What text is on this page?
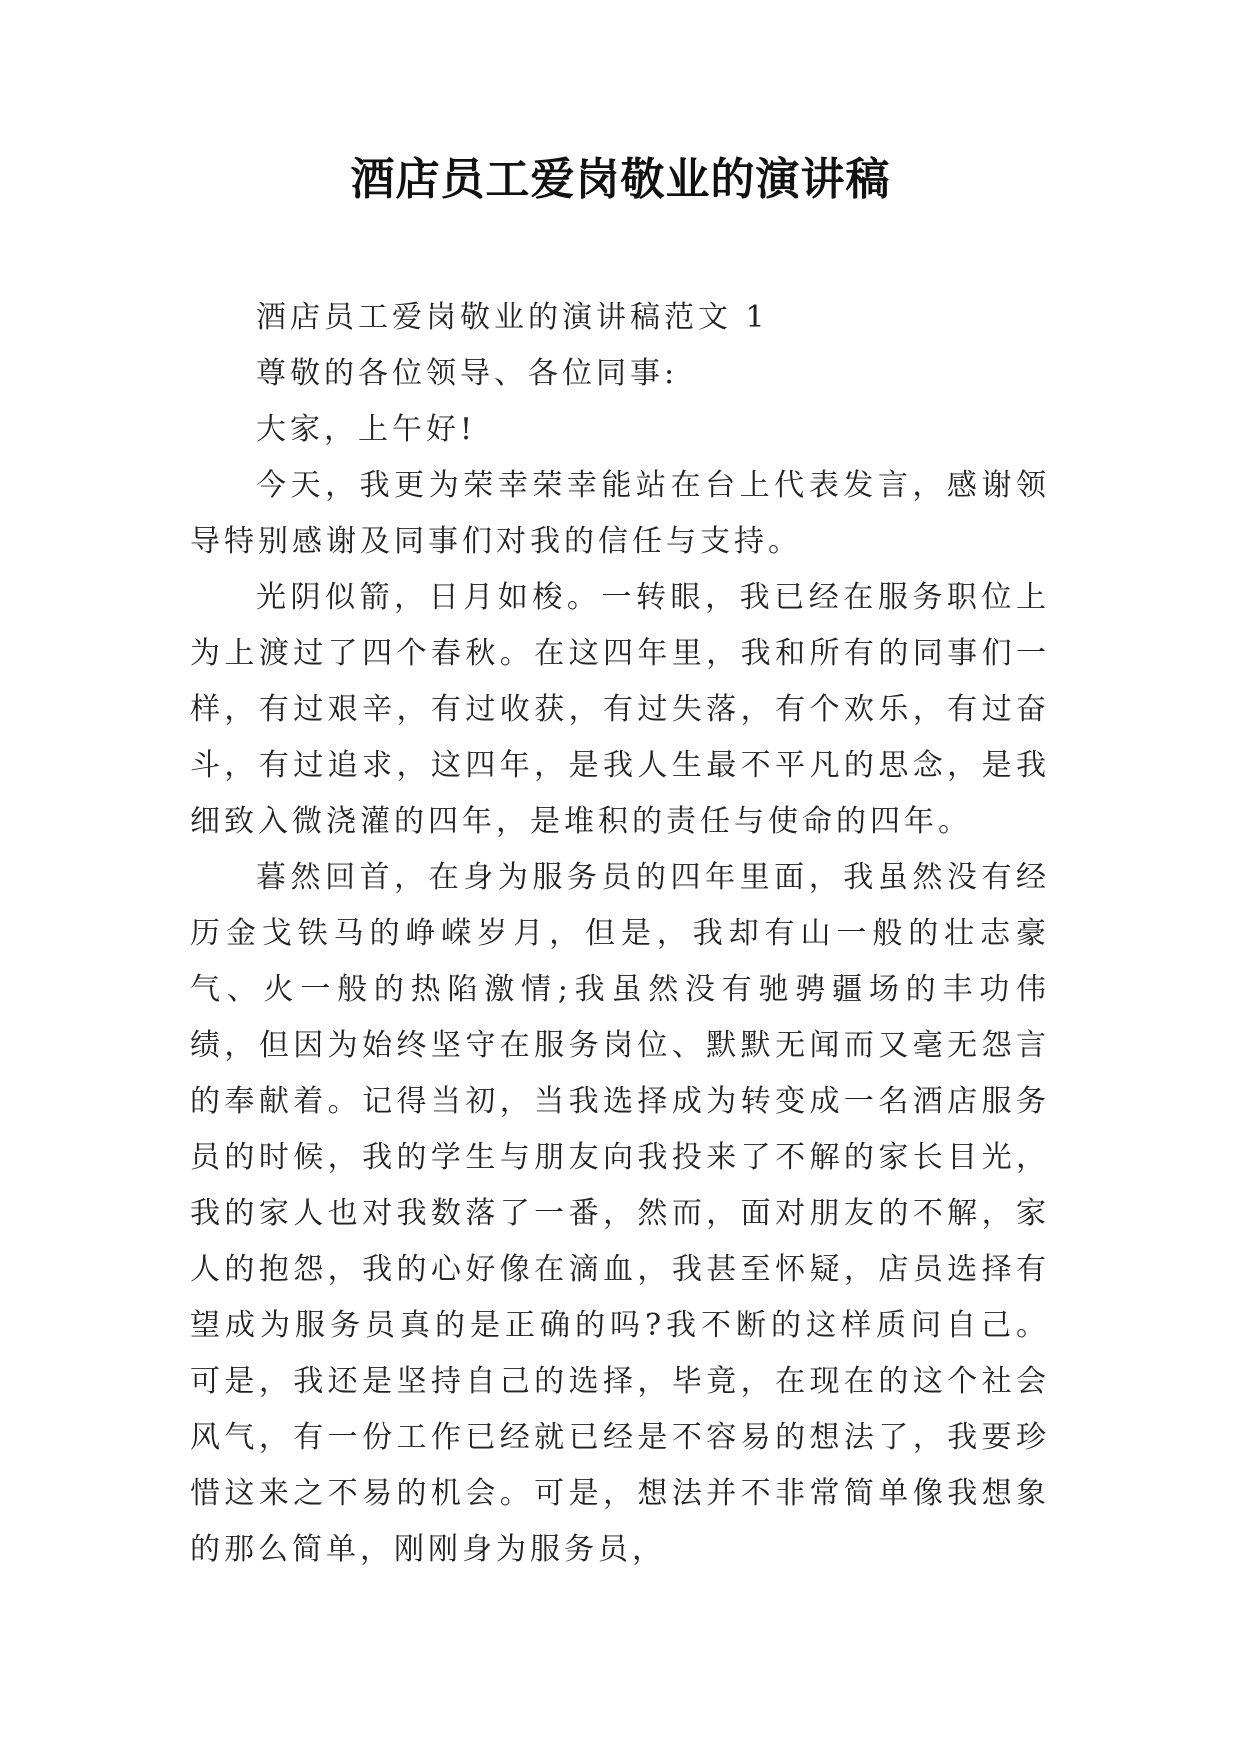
酒店员工爱岗敬业的演讲稿

酒店员工爱岗敬业的演讲稿范文 1

尊敬的各位领导、各位同事:

大家，上午好!

今天，我更为荣幸荣幸能站在台上代表发言，感谢领导特别感谢及同事们对我的信任与支持。

光阴似箭，日月如梭。一转眼，我已经在服务职位上为上渡过了四个春秋。在这四年里，我和所有的同事们一样，有过艰辛，有过收获，有过失落，有个欢乐，有过奋斗，有过追求，这四年，是我人生最不平凡的思念，是我细致入微浇灌的四年，是堆积的责任与使命的四年。

暮然回首，在身为服务员的四年里面，我虽然没有经历金戈铁马的峥嵘岁月，但是，我却有山一般的壮志豪气、火一般的热陷激情;我虽然没有驰骋疆场的丰功伟绩，但因为始终坚守在服务岗位、默默无闻而又毫无怨言的奉献着。记得当初，当我选择成为转变成一名酒店服务员的时候，我的学生与朋友向我投来了不解的家长目光，我的家人也对我数落了一番，然而，面对朋友的不解，家人的抱怨，我的心好像在滴血，我甚至怀疑，店员选择有望成为服务员真的是正确的吗?我不断的这样质问自己。可是，我还是坚持自己的选择，毕竟，在现在的这个社会风气，有一份工作已经就已经是不容易的想法了，我要珍惜这来之不易的机会。可是，想法并不非常简单像我想象的那么简单，刚刚身为服务员，
